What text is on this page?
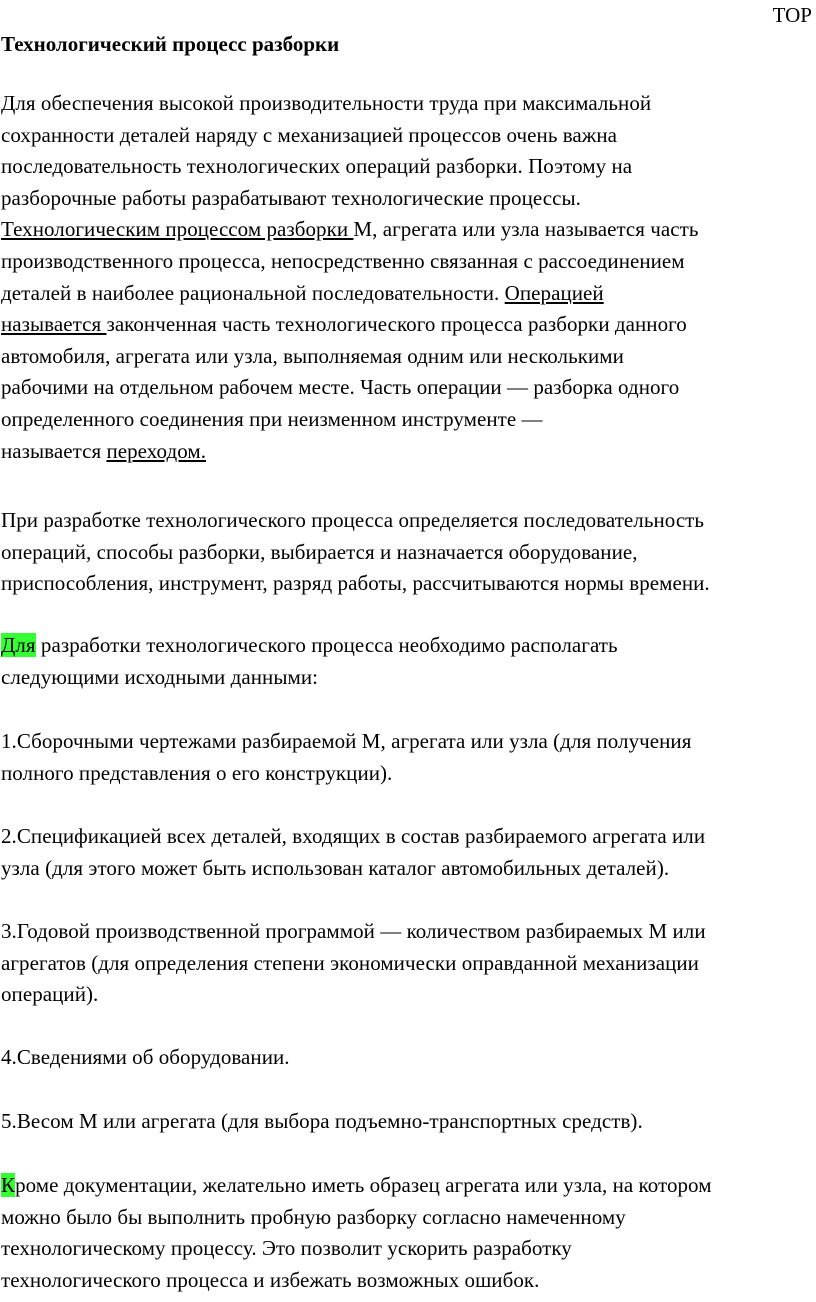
ТОР
Технологический процесс разборки
Для обеспечения высокой производительности труда при максимальной
сохранности деталей наряду с механизацией процессов очень важна
последовательность технологических операций разборки. Поэтому на
разборочные работы разрабатывают технологические процессы.
Технологическим процессом разборки М, агрегата или узла называется часть
производственного процесса, непосредственно связанная с рассоединением
деталей в наиболее рациональной последовательности. Операцией
называется законченная часть технологического процесса разборки данного
автомобиля, агрегата или узла, выполняемая одним или несколькими
рабочими на отдельном рабочем месте. Часть операции — разборка одного
определенного соединения при неизменном инструменте —
называется переходом.
При разработке технологического процесса определяется последовательность
операций, способы разборки, выбирается и назначается оборудование,
приспособления, инструмент, разряд работы, рассчитываются нормы времени.
Для разработки технологического процесса необходимо располагать
следующими исходными данными:
1.Сборочными чертежами разбираемой М, агрегата или узла (для получения
полного представления о его конструкции).
2.Спецификацией всех деталей, входящих в состав разбираемого агрегата или
узла (для этого может быть использован каталог автомобильных деталей).
3.Годовой производственной программой — количеством разбираемых М или
агрегатов (для определения степени экономически оправданной механизации
операций).
4.Сведениями об оборудовании.
5.Весом М или агрегата (для выбора подъемно-транспортных средств).
Кроме документации, желательно иметь образец агрегата или узла, на котором
можно было бы выполнить пробную разборку согласно намеченному
технологическому процессу. Это позволит ускорить разработку
технологического процесса и избежать возможных ошибок.
